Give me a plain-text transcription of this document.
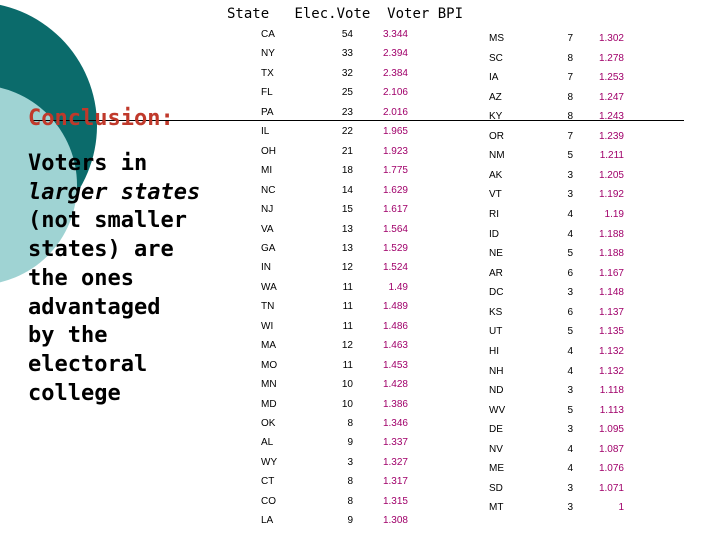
State Elec.Vote Voter BPI
Conclusion:
Voters in
larger states
(not smaller
states) are
the ones
advantaged
by the
electoral
college
CA	54	3.344
NY	33	2.394
TX	32	2.384
FL	25	2.106
PA	23	2.016
IL	22	1.965
OH	21	1.923
MI	18	1.775
NC	14	1.629
NJ	15	1.617
VA	13	1.564
GA	13	1.529
IN	12	1.524
WA	11	1.49
TN	11	1.489
WI	11	1.486
MA	12	1.463
MO	11	1.453
MN	10	1.428
MD	10	1.386
OK	8	1.346
AL	9	1.337
WY	3	1.327
CT	8	1.317
CO	8	1.315
LA	9	1.308
MS	7	1.302
SC	8	1.278
IA	7	1.253
AZ	8	1.247
KY	8	1.243
OR	7	1.239
NM	5	1.211
AK	3	1.205
VT	3	1.192
RI	4	1.19
ID	4	1.188
NE	5	1.188
AR	6	1.167
DC	3	1.148
KS	6	1.137
UT	5	1.135
HI	4	1.132
NH	4	1.132
ND	3	1.118
WV	5	1.113
DE	3	1.095
NV	4	1.087
ME	4	1.076
SD	3	1.071
MT	3	1
